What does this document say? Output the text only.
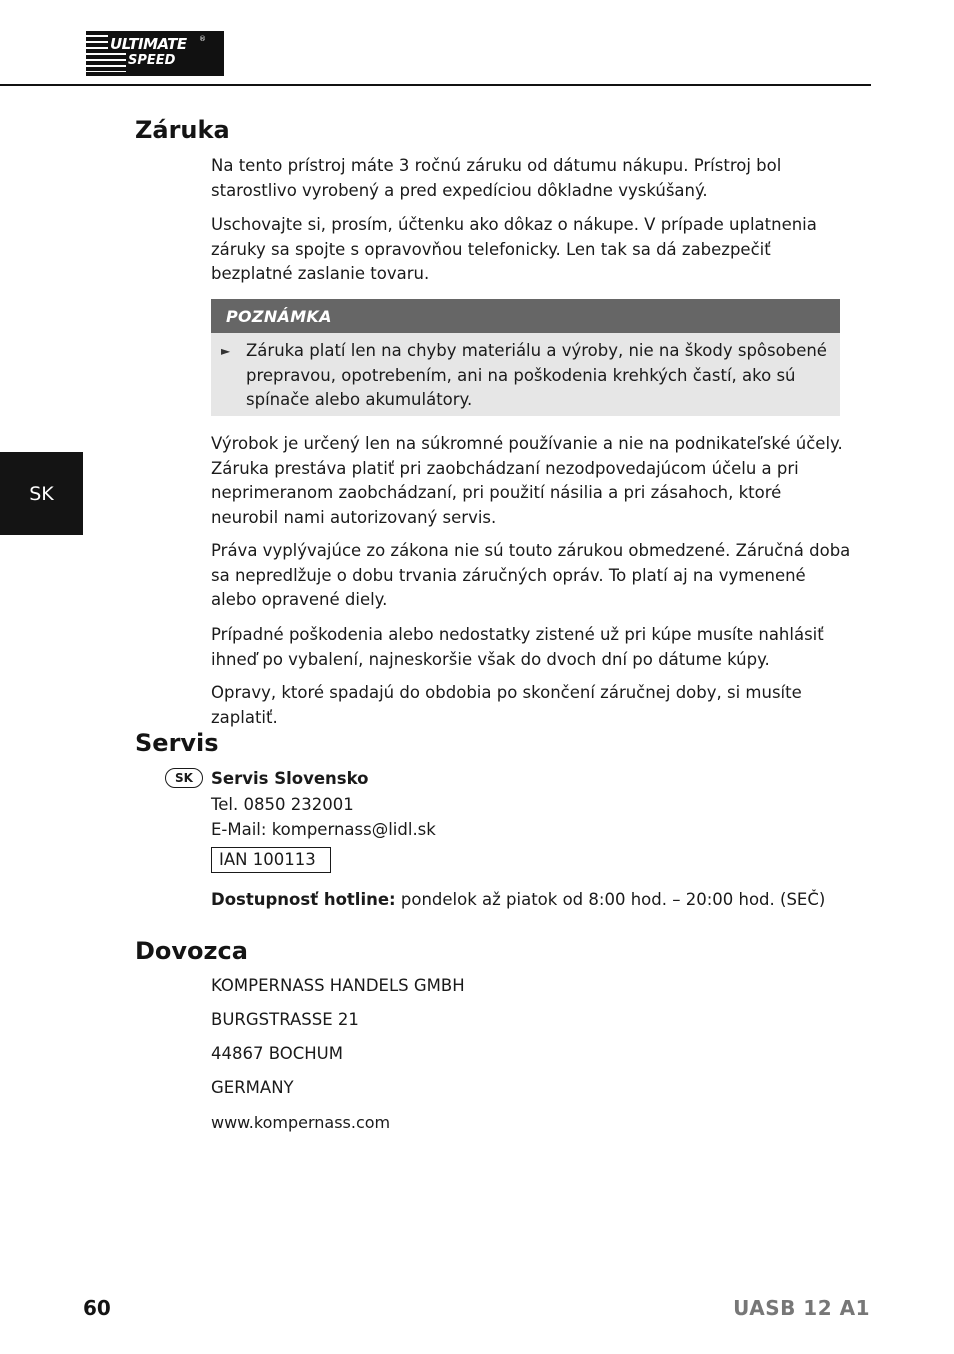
ULTIMATE
SPEED
®
SK
Záruka

Na tento prístroj máte 3 ročnú záruku od dátumu nákupu. Prístroj bol starostlivo vyrobený a pred expedíciou dôkladne vyskúšaný.

Uschovajte si, prosím, účtenku ako dôkaz o nákupe. V prípade uplatnenia záruky sa spojte s opravovňou telefonicky. Len tak sa dá zabezpečiť bezplatné zaslanie tovaru.

POZNÁMKA
► Záruka platí len na chyby materiálu a výroby, nie na škody spôsobené prepravou, opotrebením, ani na poškodenia krehkých častí, ako sú spínače alebo akumulátory.

Výrobok je určený len na súkromné používanie a nie na podnikateľské účely. Záruka prestáva platiť pri zaobchádzaní nezodpovedajúcom účelu a pri neprimeranom zaobchádzaní, pri použití násilia a pri zásahoch, ktoré neurobil nami autorizovaný servis.

Práva vyplývajúce zo zákona nie sú touto zárukou obmedzené. Záručná doba sa nepredlžuje o dobu trvania záručných opráv. To platí aj na vymenené alebo opravené diely.

Prípadné poškodenia alebo nedostatky zistené už pri kúpe musíte nahlásiť ihneď po vybalení, najneskoršie však do dvoch dní po dátume kúpy.

Opravy, ktoré spadajú do obdobia po skončení záručnej doby, si musíte zaplatiť.

Servis
SK	Servis Slovensko
Tel. 0850 232001
E-Mail: kompernass@lidl.sk
IAN 100113
Dostupnosť hotline: pondelok až piatok od 8:00 hod. – 20:00 hod. (SEČ)
Dovozca
KOMPERNASS HANDELS GMBH
BURGSTRASSE 21
44867 BOCHUM
GERMANY
www.kompernass.com
60	UASB 12 A1
